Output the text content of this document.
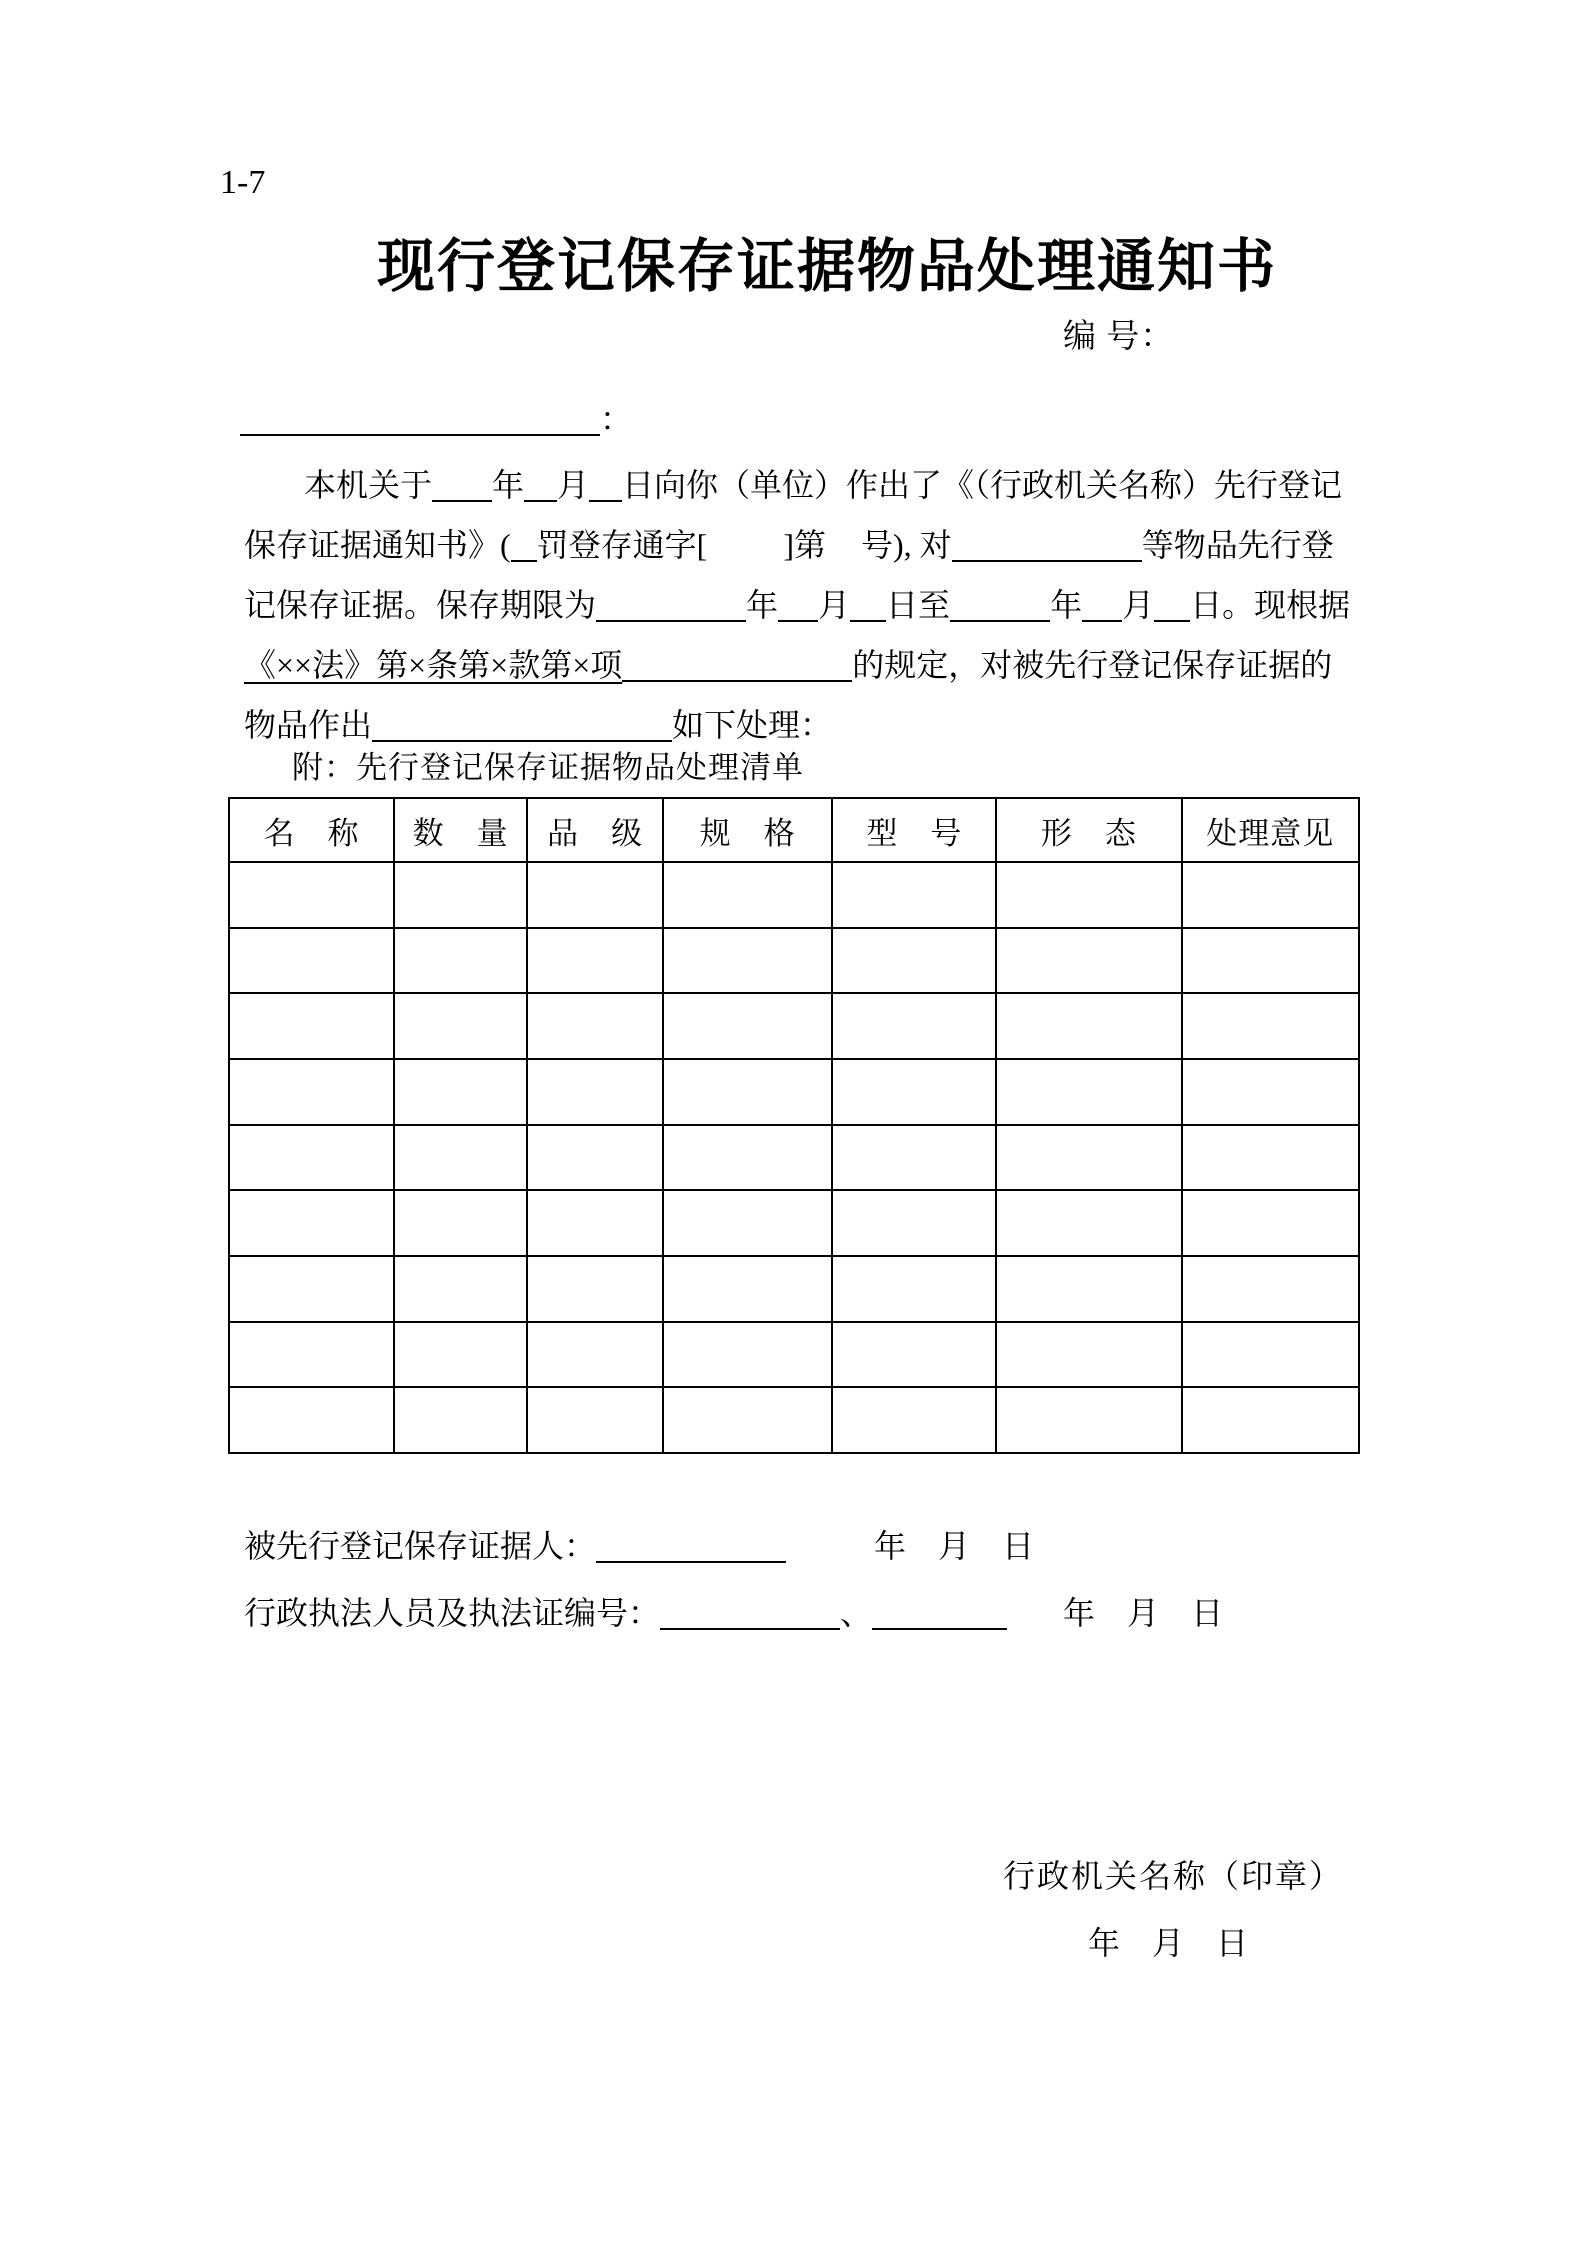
1-7
现行登记保存证据物品处理通知书
编 号：
：
本机关于 年 月 日向你（单位）作出了《（行政机关名称）先行登记
保存证据通知书》( 罚登存通字[ ]第 号), 对	等物品先行登
记保存证据。保存期限为	年 月 日至	年 月 日。现根据
《××法》第×条第×款第×项	的规定，对被先行登记保存证据的
物品作出	如下处理：
附：先行登记保存证据物品处理清单
名　称	数　量	品　级	规　格	型　号	形　态	处理意见

被先行登记保存证据人：	年 月 日
行政执法人员及执法证编号：	、	年 月 日
行政机关名称（印章）
年　月　日
